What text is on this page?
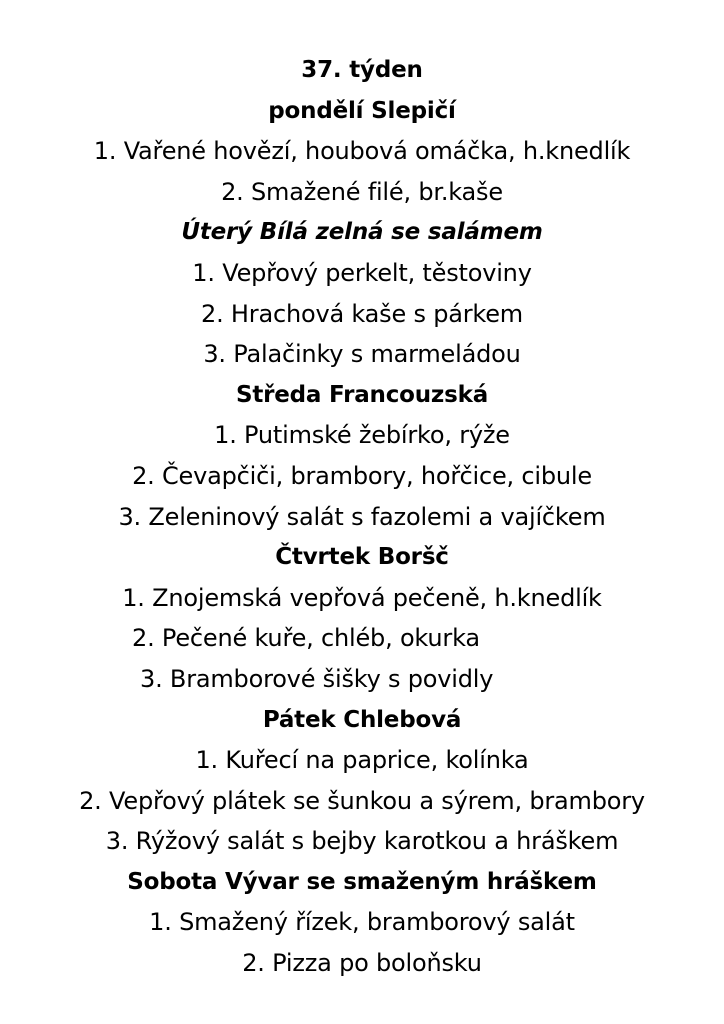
37. týden
pondělí Slepičí
1. Vařené hovězí, houbová omáčka, h.knedlík
2. Smažené filé, br.kaše
Úterý Bílá zelná se salámem
1. Vepřový perkelt, těstoviny
2. Hrachová kaše s párkem
3. Palačinky s marmeládou
Středa Francouzská
1. Putimské žebírko, rýže
2. Čevapčiči, brambory, hořčice, cibule
3. Zeleninový salát s fazolemi a vajíčkem
Čtvrtek Boršč
1. Znojemská vepřová pečeně, h.knedlík
2. Pečené kuře, chléb, okurka
3. Bramborové šišky s povidly
Pátek Chlebová
1. Kuřecí na paprice, kolínka
2. Vepřový plátek se šunkou a sýrem, brambory
3. Rýžový salát s bejby karotkou a hráškem
Sobota Vývar se smaženým hráškem
1. Smažený řízek, bramborový salát
2. Pizza po boloňsku
